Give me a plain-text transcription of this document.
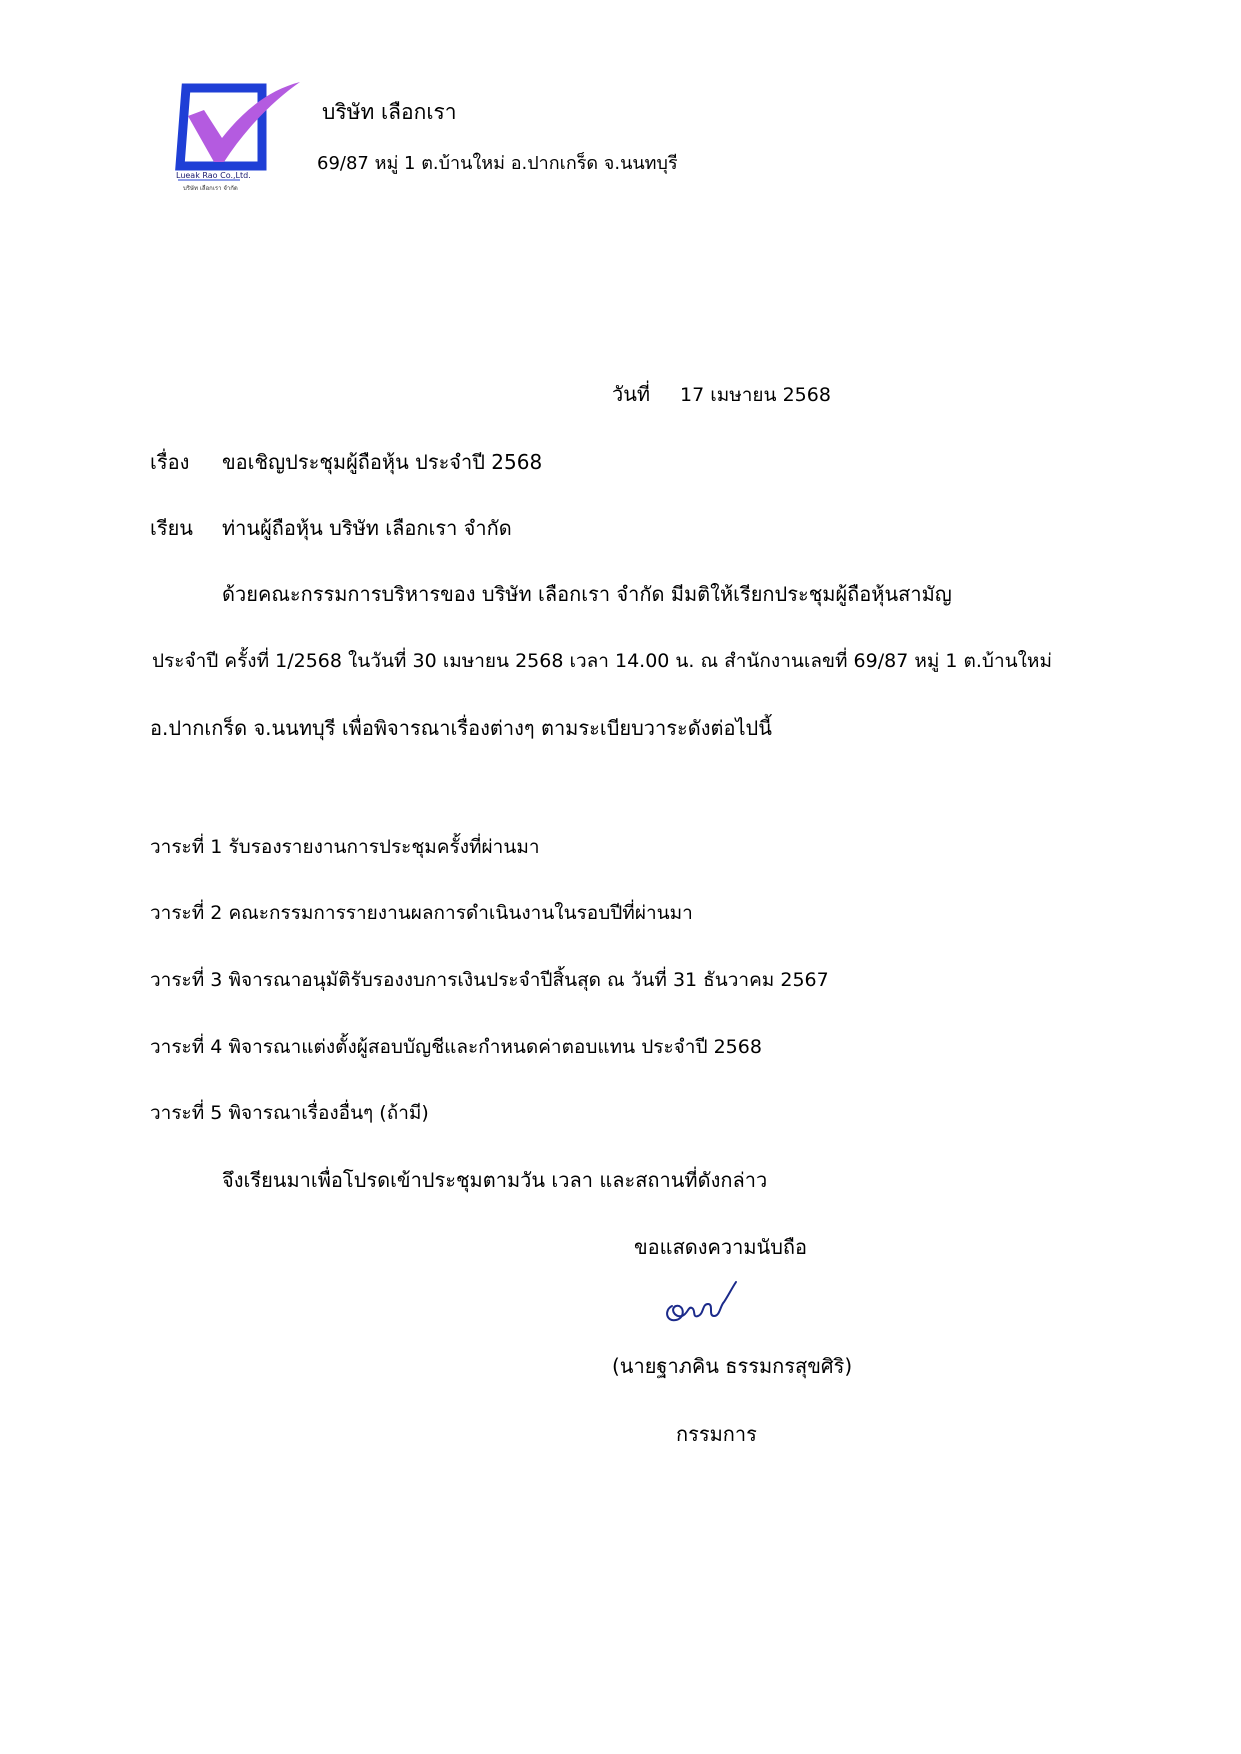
Lueak Rao Co.,Ltd.
บริษัท เลือกเรา จำกัด
บริษัท เลือกเรา
69/87 หมู่ 1 ต.บ้านใหม่ อ.ปากเกร็ด จ.นนทบุรี
วันที่ 17 เมษายน 2568
เรื่อง ขอเชิญประชุมผู้ถือหุ้น ประจำปี 2568
เรียน ท่านผู้ถือหุ้น บริษัท เลือกเรา จำกัด
ด้วยคณะกรรมการบริหารของ บริษัท เลือกเรา จำกัด มีมติให้เรียกประชุมผู้ถือหุ้นสามัญ
ประจำปี ครั้งที่ 1/2568 ในวันที่ 30 เมษายน 2568 เวลา 14.00 น. ณ สำนักงานเลขที่ 69/87 หมู่ 1 ต.บ้านใหม่
อ.ปากเกร็ด จ.นนทบุรี เพื่อพิจารณาเรื่องต่างๆ ตามระเบียบวาระดังต่อไปนี้
วาระที่ 1 รับรองรายงานการประชุมครั้งที่ผ่านมา
วาระที่ 2 คณะกรรมการรายงานผลการดำเนินงานในรอบปีที่ผ่านมา
วาระที่ 3 พิจารณาอนุมัติรับรองงบการเงินประจำปีสิ้นสุด ณ วันที่ 31 ธันวาคม 2567
วาระที่ 4 พิจารณาแต่งตั้งผู้สอบบัญชีและกำหนดค่าตอบแทน ประจำปี 2568
วาระที่ 5 พิจารณาเรื่องอื่นๆ (ถ้ามี)
จึงเรียนมาเพื่อโปรดเข้าประชุมตามวัน เวลา และสถานที่ดังกล่าว
ขอแสดงความนับถือ
(นายฐาภคิน ธรรมกรสุขศิริ)
กรรมการ
